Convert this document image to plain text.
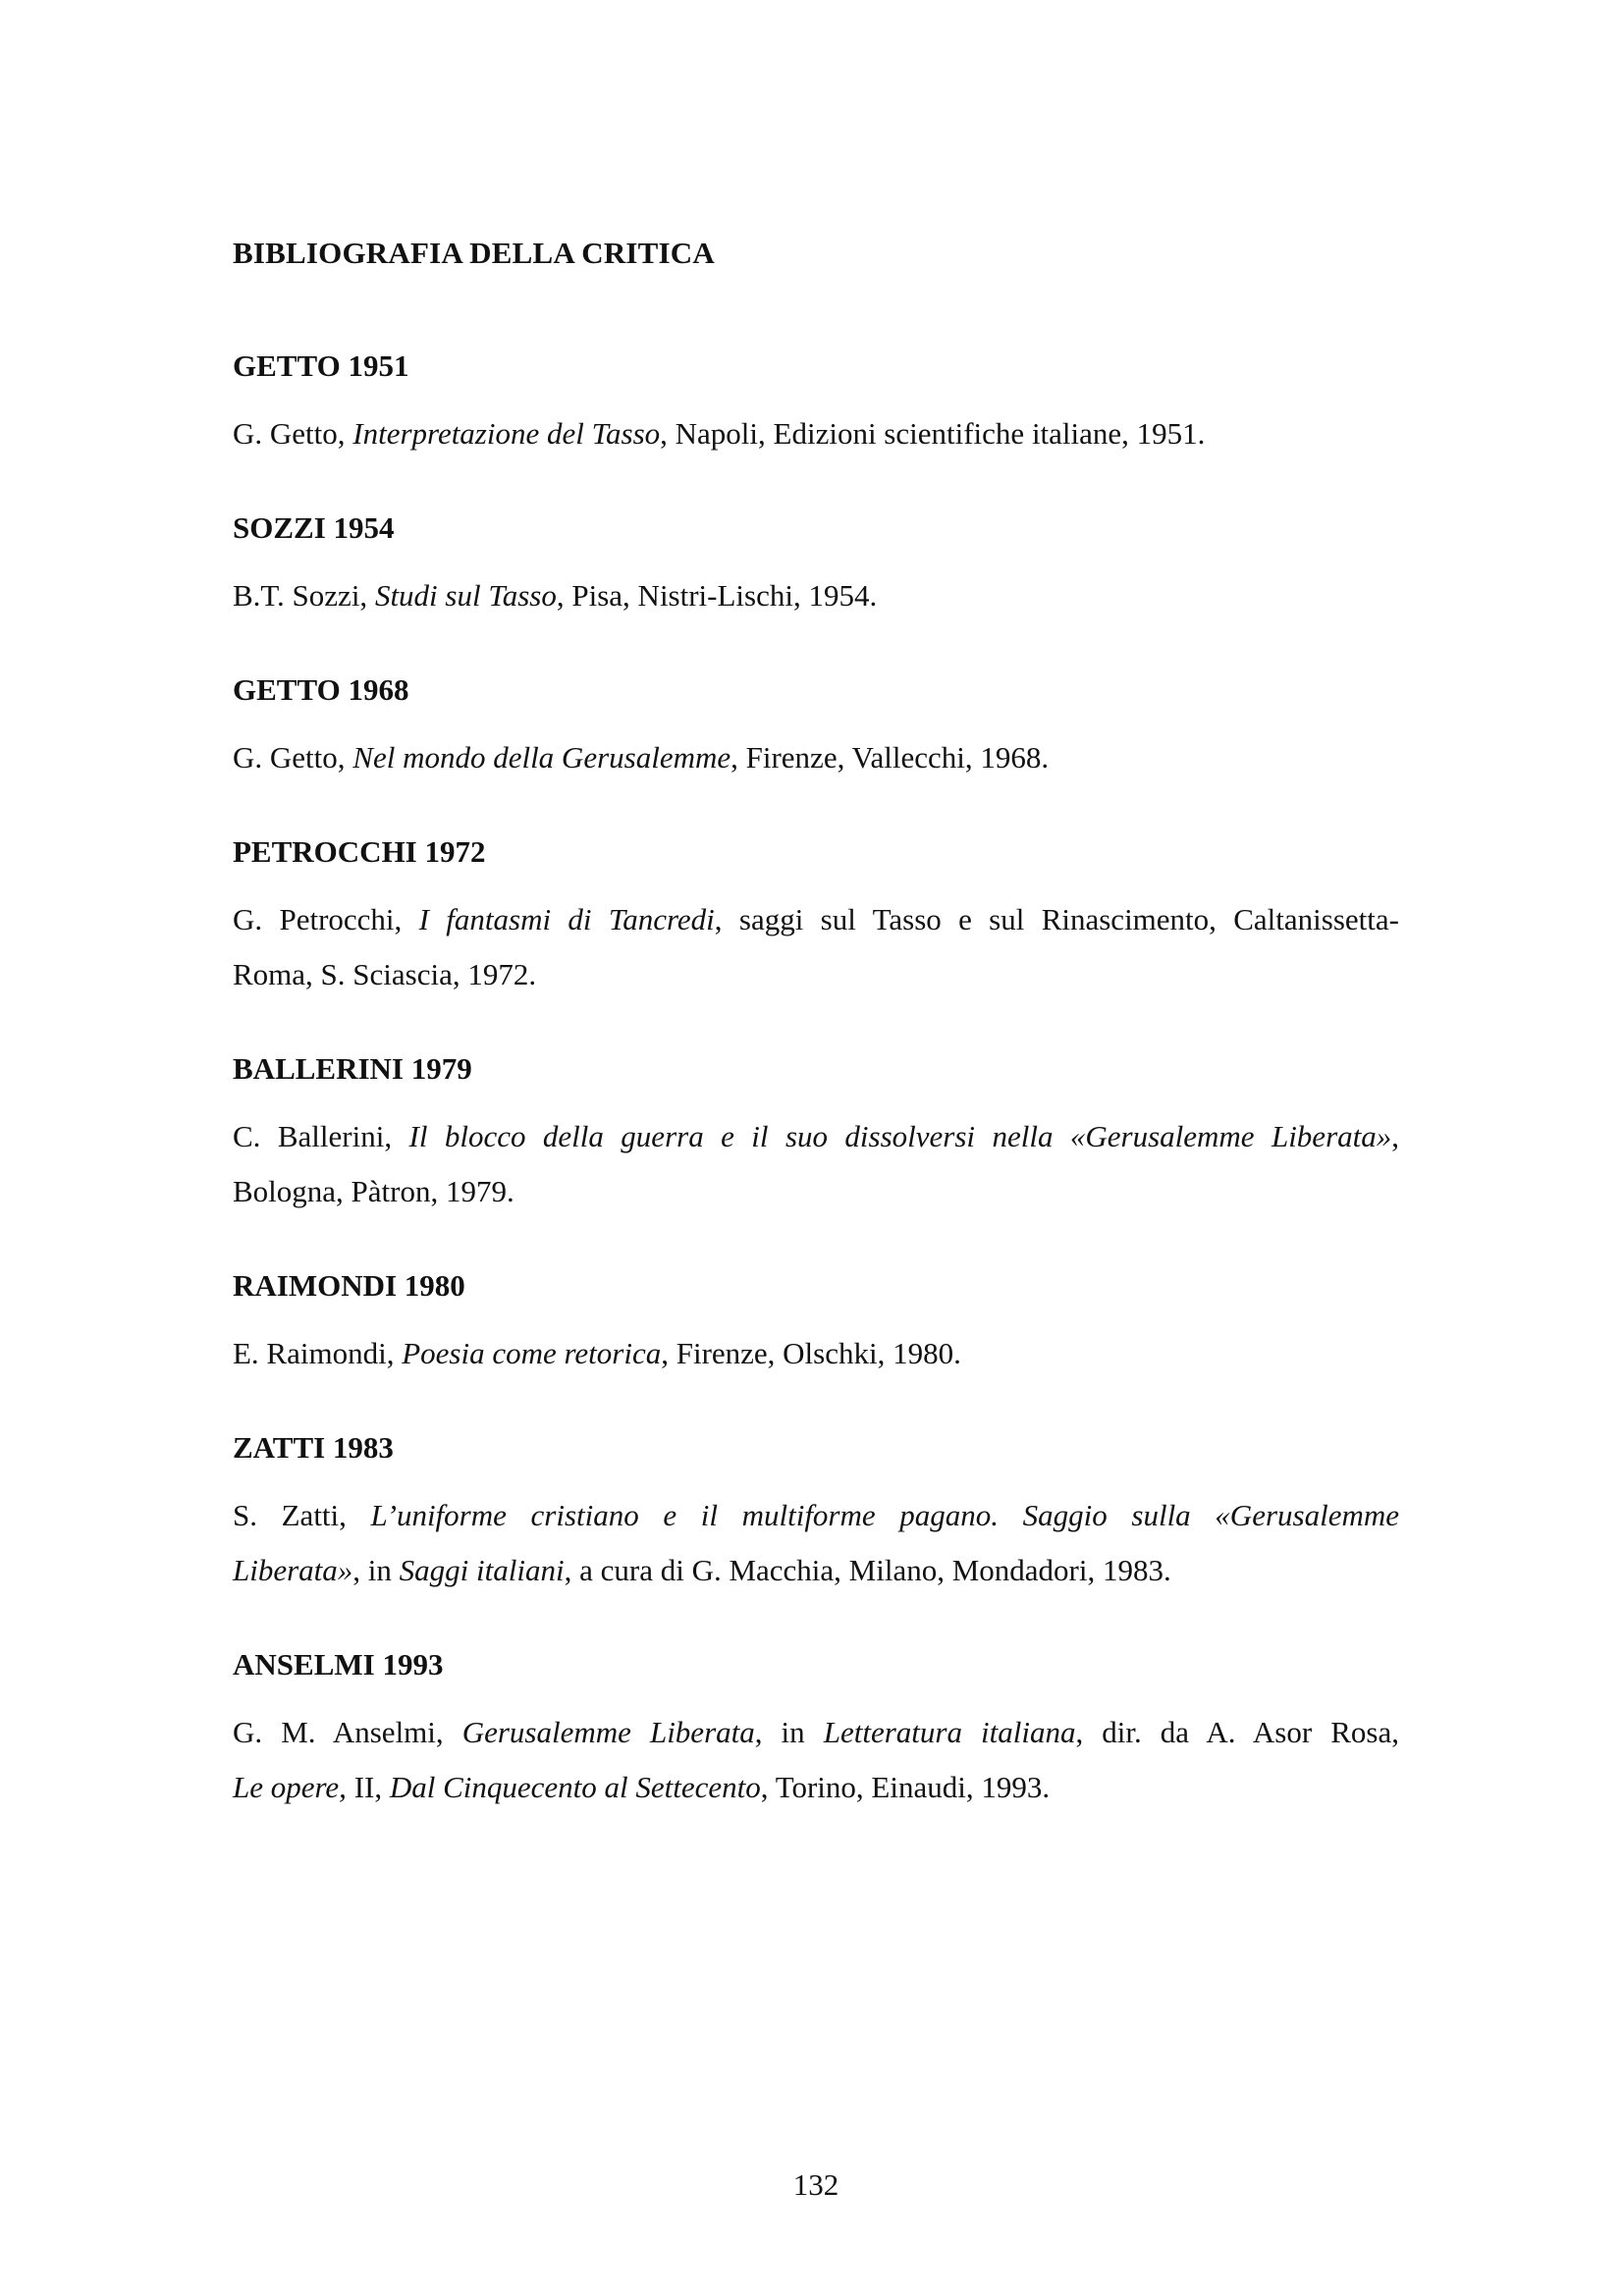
BIBLIOGRAFIA DELLA CRITICA
GETTO 1951
G. Getto, Interpretazione del Tasso, Napoli, Edizioni scientifiche italiane, 1951.
SOZZI 1954
B.T. Sozzi, Studi sul Tasso, Pisa, Nistri-Lischi, 1954.
GETTO 1968
G. Getto, Nel mondo della Gerusalemme, Firenze, Vallecchi, 1968.
PETROCCHI 1972
G. Petrocchi, I fantasmi di Tancredi, saggi sul Tasso e sul Rinascimento, Caltanissetta-
Roma, S. Sciascia, 1972.
BALLERINI 1979
C. Ballerini, Il blocco della guerra e il suo dissolversi nella «Gerusalemme Liberata»,
Bologna, Pàtron, 1979.
RAIMONDI 1980
E. Raimondi, Poesia come retorica, Firenze, Olschki, 1980.
ZATTI 1983
S. Zatti, L’uniforme cristiano e il multiforme pagano. Saggio sulla «Gerusalemme
Liberata», in Saggi italiani, a cura di G. Macchia, Milano, Mondadori, 1983.
ANSELMI 1993
G. M. Anselmi, Gerusalemme Liberata, in Letteratura italiana, dir. da A. Asor Rosa,
Le opere, II, Dal Cinquecento al Settecento, Torino, Einaudi, 1993.
132
